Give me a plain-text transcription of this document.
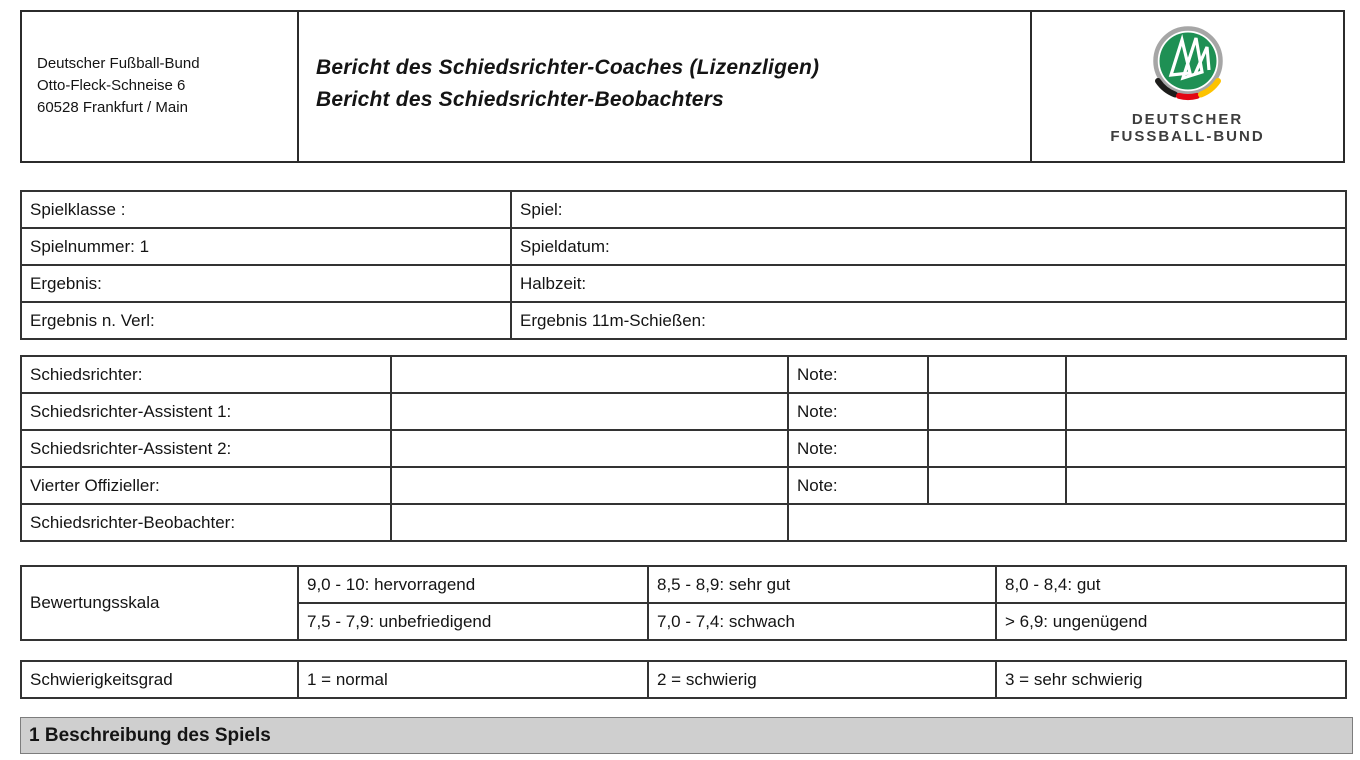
Deutscher Fußball-Bund
Otto-Fleck-Schneise 6
60528 Frankfurt / Main
Bericht des Schiedsrichter-Coaches (Lizenzligen)
Bericht des Schiedsrichter-Beobachters
DEUTSCHER
FUSSBALL-BUND
Spielklasse :	Spiel:
Spielnummer: 1	Spieldatum:
Ergebnis:	Halbzeit:
Ergebnis n. Verl:	Ergebnis 11m-Schießen:
Schiedsrichter:		Note:		
Schiedsrichter-Assistent 1:		Note:		
Schiedsrichter-Assistent 2:		Note:		
Vierter Offizieller:		Note:		
Schiedsrichter-Beobachter:				
Bewertungsskala	9,0 - 10: hervorragend	8,5 - 8,9: sehr gut	8,0 - 8,4: gut
	7,5 - 7,9: unbefriedigend	7,0 - 7,4: schwach	> 6,9: ungenügend
Schwierigkeitsgrad	1 = normal	2 = schwierig	3 = sehr schwierig
1 Beschreibung des Spiels
